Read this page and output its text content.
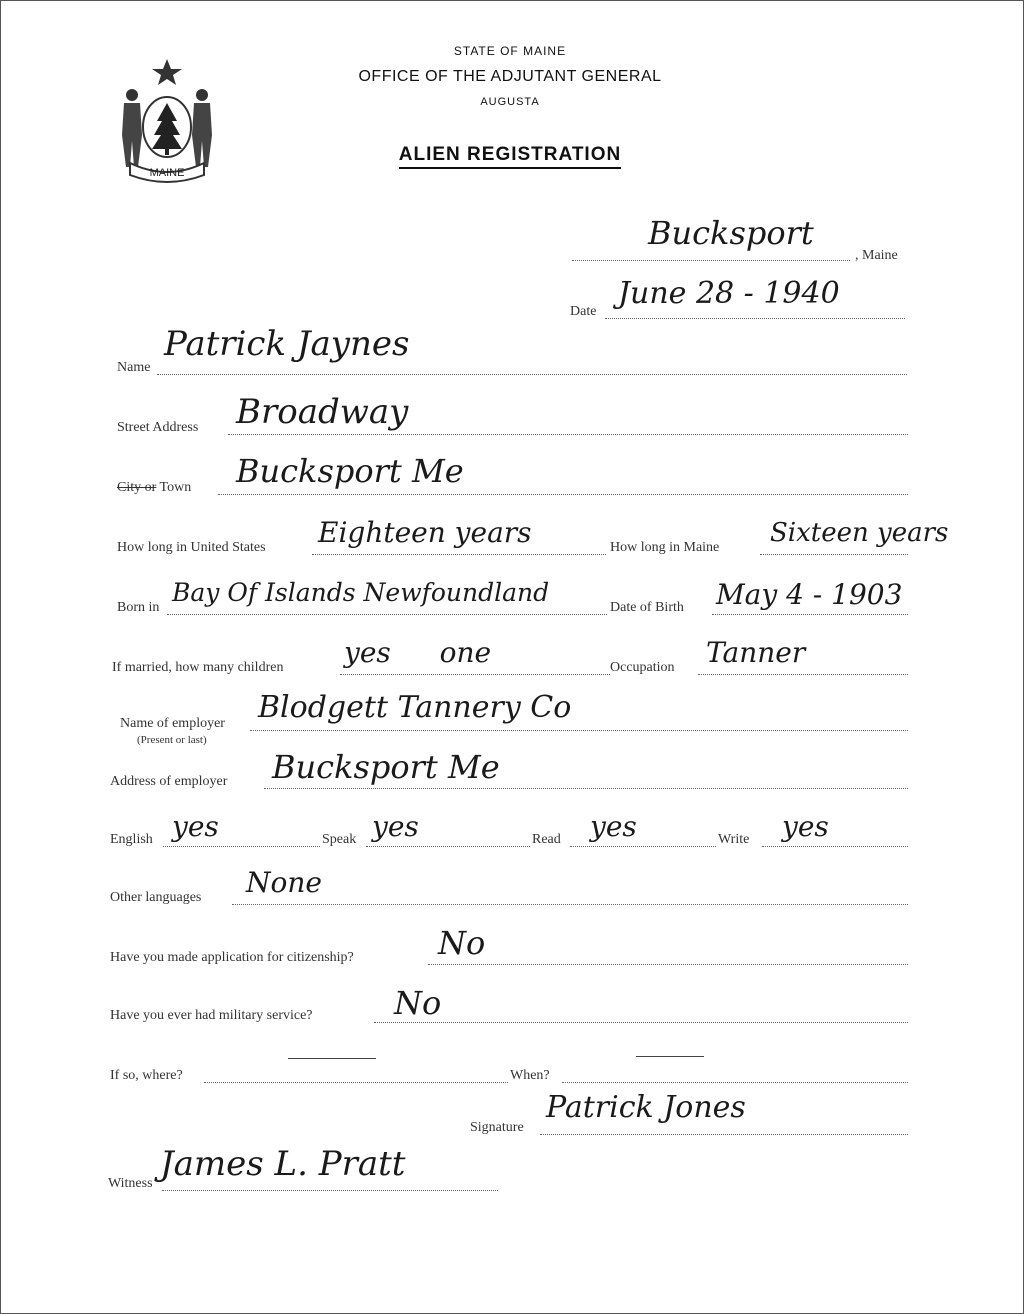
MAINE
STATE OF MAINE
OFFICE OF THE ADJUTANT GENERAL
AUGUSTA
ALIEN REGISTRATION
Bucksport
, Maine
Date
June 28 - 1940
Name
Patrick Jaynes
Street Address Broadway
City or Town Bucksport Me
How long in United States Eighteen years	How long in Maine Sixteen years
Born in
Bay Of Islands Newfoundland
Date of Birth May 4 - 1903
If married, how many children yes one	Occupation Tanner
Name of employer
(Present or last)
Blodgett Tannery Co
Address of employer Bucksport Me
English yes	Speak yes	Read yes	Write yes
Other languages None
Have you made application for citizenship?	No
Have you ever had military service?	No
If so, where?	When?
Signature
Patrick Jones
Witness James L. Pratt
